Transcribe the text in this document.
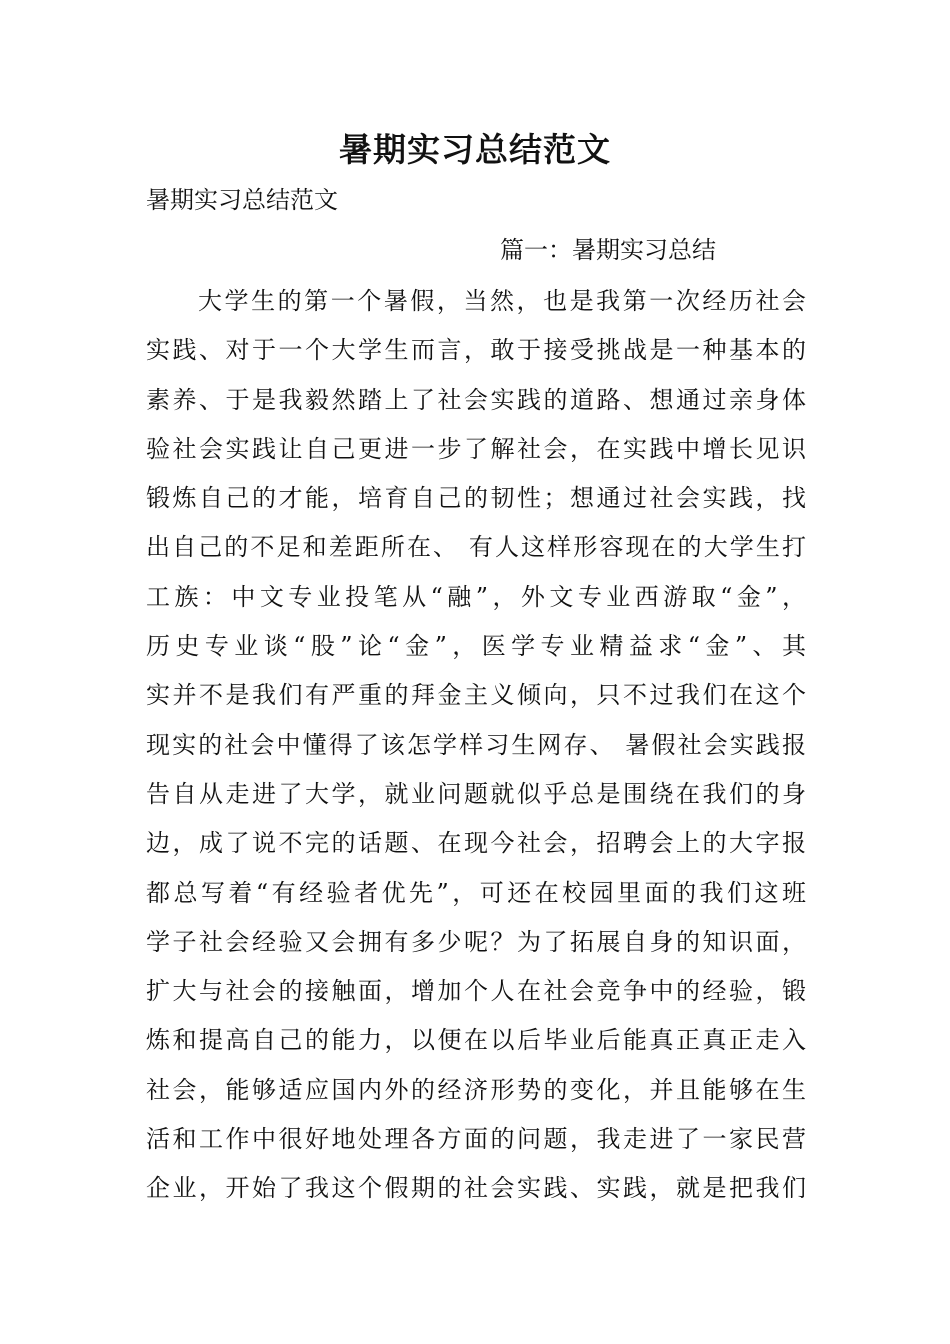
暑期实习总结范文

暑期实习总结范文

篇一：暑期实习总结

大学生的第一个暑假，当然，也是我第一次经历社会
实践、对于一个大学生而言，敢于接受挑战是一种基本的
素养、于是我毅然踏上了社会实践的道路、想通过亲身体
验社会实践让自己更进一步了解社会，在实践中增长见识
锻炼自己的才能，培育自己的韧性；想通过社会实践，找
出自己的不足和差距所在、 有人这样形容现在的大学生打
工族：中文专业投笔从“融”，外文专业西游取“金”，
历史专业谈“股”论“金”，医学专业精益求“金”、其
实并不是我们有严重的拜金主义倾向，只不过我们在这个
现实的社会中懂得了该怎学样习生网存、 暑假社会实践报
告自从走进了大学，就业问题就似乎总是围绕在我们的身
边，成了说不完的话题、在现今社会，招聘会上的大字报
都总写着“有经验者优先”，可还在校园里面的我们这班
学子社会经验又会拥有多少呢？为了拓展自身的知识面，
扩大与社会的接触面，增加个人在社会竞争中的经验，锻
炼和提高自己的能力，以便在以后毕业后能真正真正走入
社会，能够适应国内外的经济形势的变化，并且能够在生
活和工作中很好地处理各方面的问题，我走进了一家民营
企业，开始了我这个假期的社会实践、实践，就是把我们
